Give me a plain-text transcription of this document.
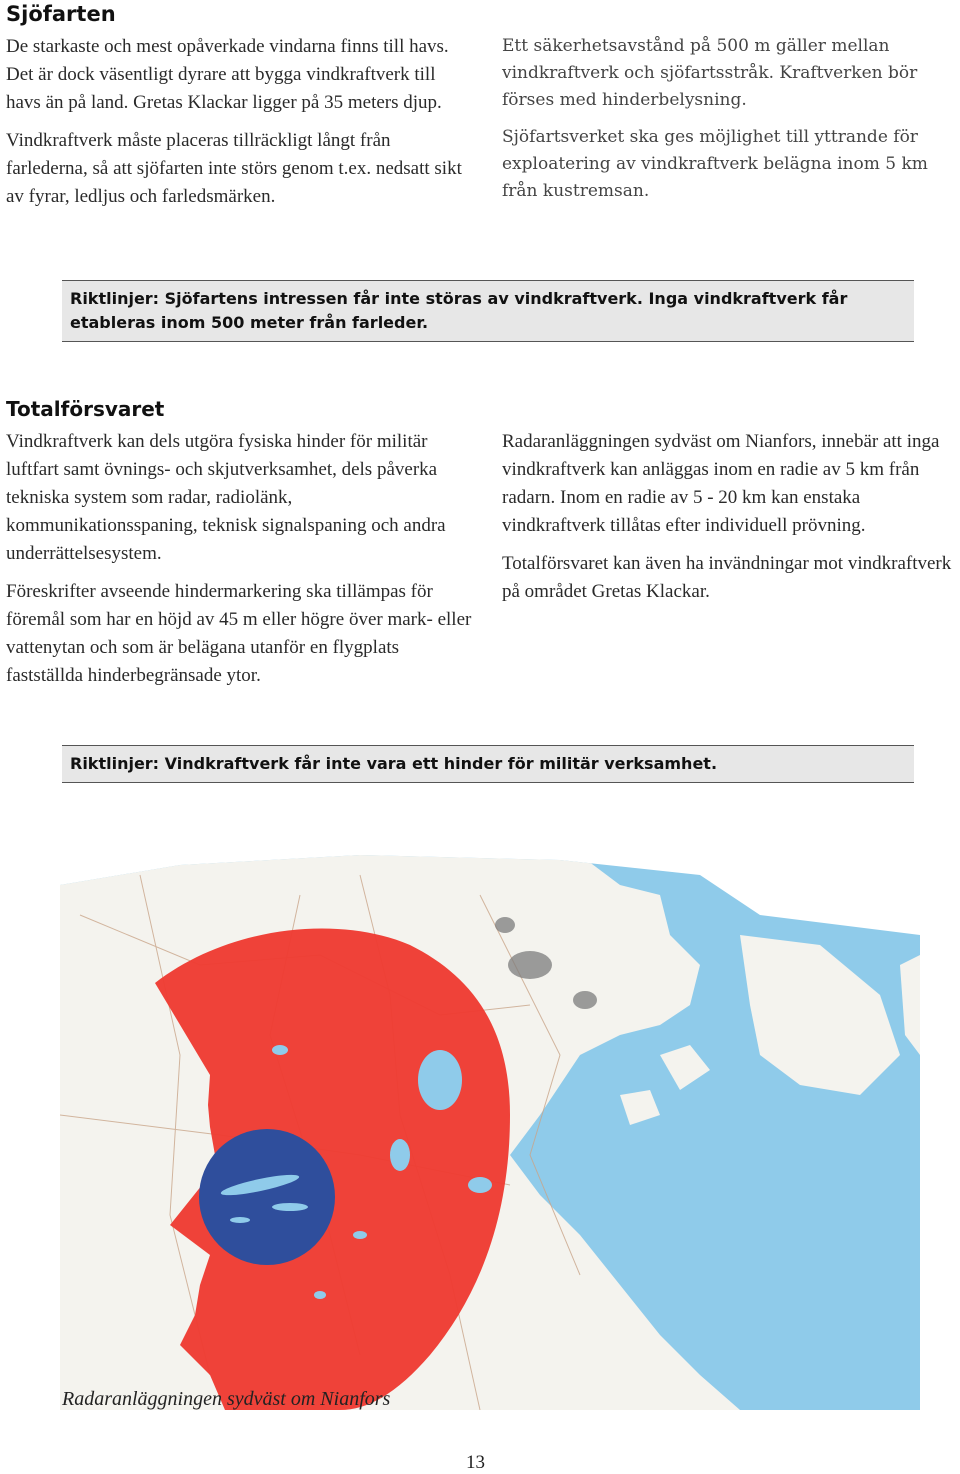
Sjöfarten

De starkaste och mest opåverkade vindarna finns till havs. Det är dock väsentligt dyrare att bygga vindkraftverk till havs än på land. Gretas Klackar ligger på 35 meters djup.

Vindkraftverk måste placeras tillräckligt långt från farlederna, så att sjöfarten inte störs genom t.ex. nedsatt sikt av fyrar, ledljus och farledsmärken.

Ett säkerhetsavstånd på 500 m gäller mellan vindkraftverk och sjöfartsstråk. Kraftverken bör förses med hinderbelysning.

Sjöfartsverket ska ges möjlighet till yttrande för exploatering av vindkraftverk belägna inom 5 km från kustremsan.

Riktlinjer: Sjöfartens intressen får inte störas av vindkraftverk. Inga vindkraftverk får etableras inom 500 meter från farleder.
Totalförsvaret

Vindkraftverk kan dels utgöra fysiska hinder för militär luftfart samt övnings- och skjutverksamhet, dels påverka tekniska system som radar, radiolänk, kommunikationsspaning, teknisk signalspaning och andra underrättelsesystem.

Föreskrifter avseende hindermarkering ska tillämpas för föremål som har en höjd av 45 m eller högre över mark- eller vattenytan och som är belägana utanför en flygplats fastställda hinderbegränsade ytor.

Radaranläggningen sydväst om Nianfors, innebär att inga vindkraftverk kan anläggas inom en radie av 5 km från radarn. Inom en radie av 5 - 20 km kan enstaka vindkraftverk tillåtas efter individuell prövning.

Totalförsvaret kan även ha invändningar mot vindkraftverk på området Gretas Klackar.

Riktlinjer: Vindkraftverk får inte vara ett hinder för militär verksamhet.
Radaranläggningen sydväst om Nianfors
13
